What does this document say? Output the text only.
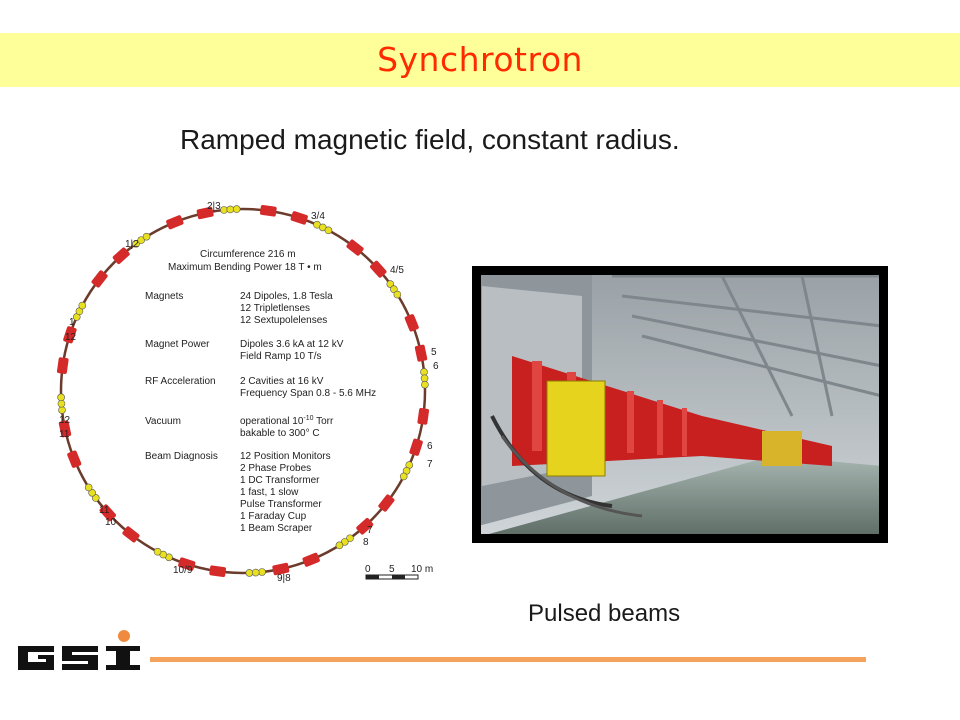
Synchrotron
Ramped magnetic field, constant radius.
2|3
3/4
1|2
4/5
1
12
5
6
12
11
6
7
11
10
7
8
10/9
9|8
Circumference 216 m
Maximum Bending Power 18 T • m
Magnets	24 Dipoles, 1.8 Tesla
12 Tripletlenses
12 Sextupolelenses
Magnet Power	Dipoles 3.6 kA at 12 kV
Field Ramp 10 T/s
RF Acceleration 2 Cavities at 16 kV
Frequency Span 0.8 - 5.6 MHz
Vacuum	operational $10^{-10}$ Torr
bakable to 300° C
Beam Diagnosis 12 Position Monitors
2 Phase Probes
1 DC Transformer
1 fast, 1 slow
Pulse Transformer
1 Faraday Cup
1 Beam Scraper
0 5 10 m
Pulsed beams
